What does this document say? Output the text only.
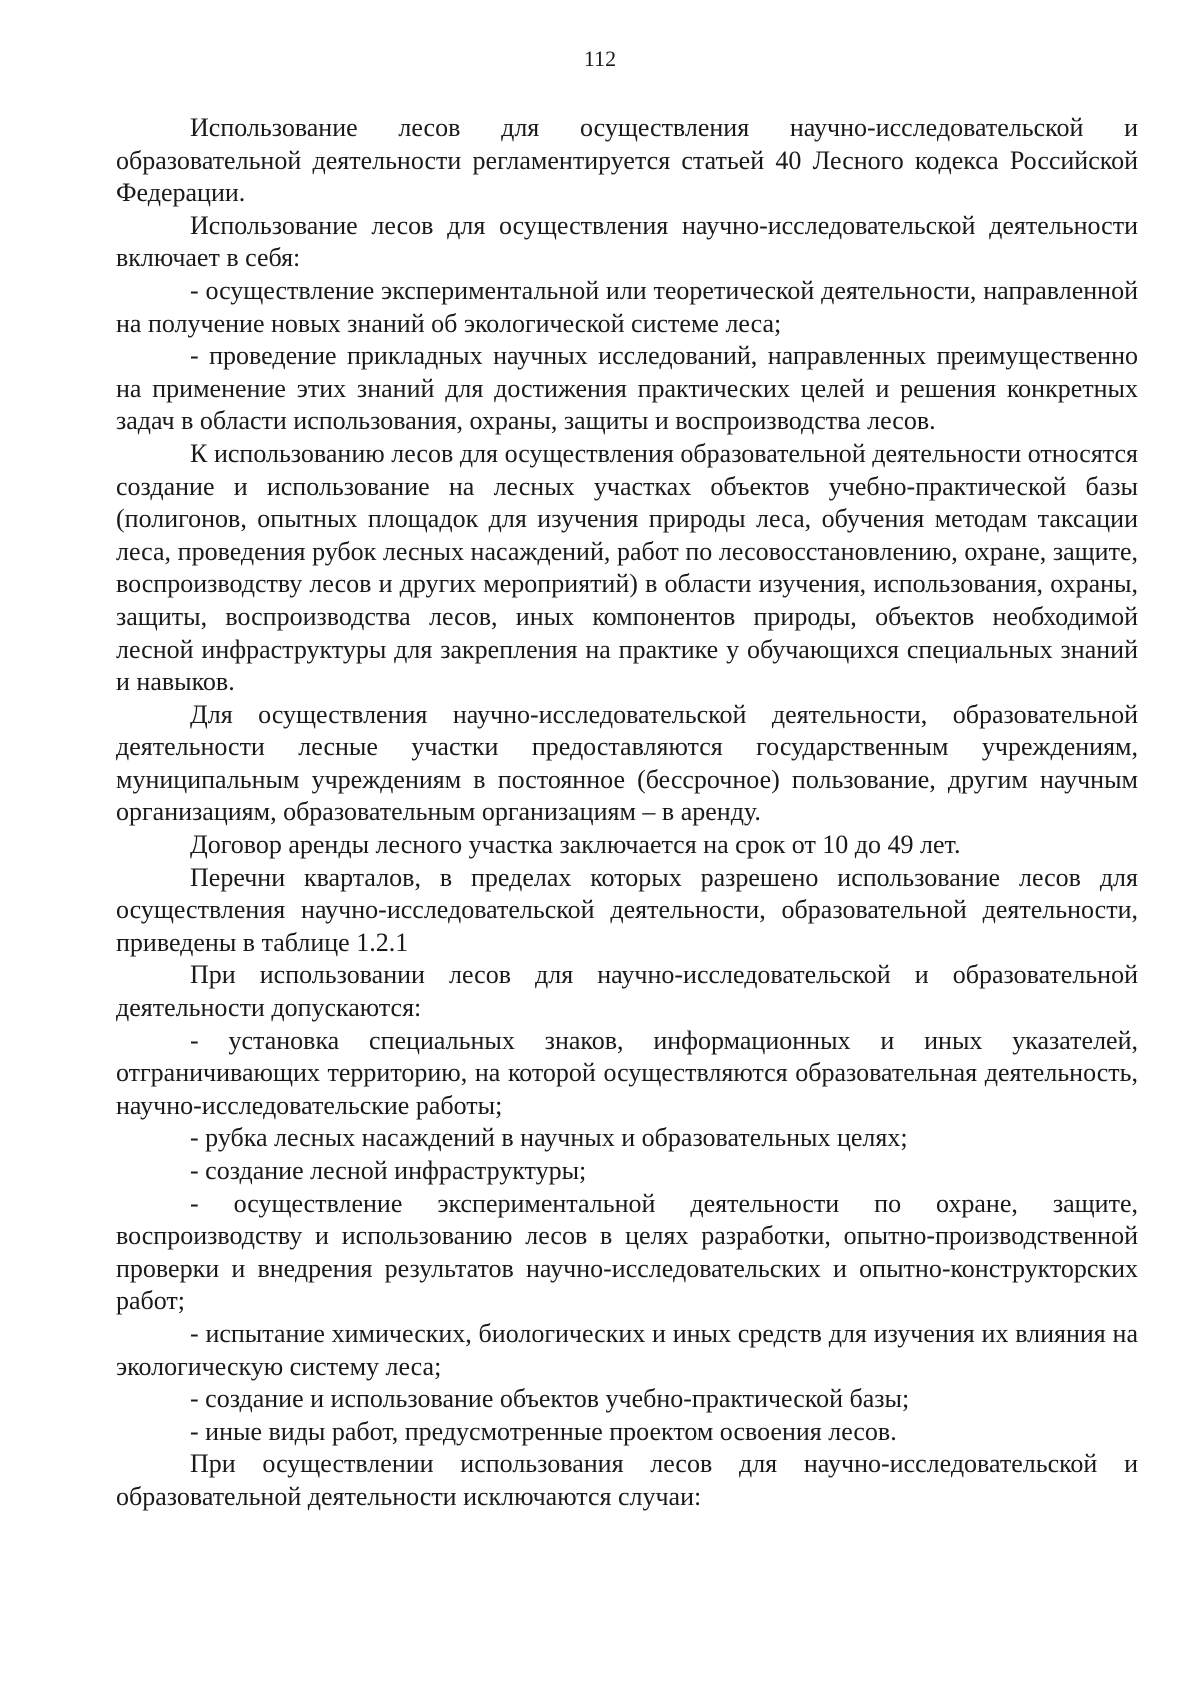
112

Использование лесов для осуществления научно-исследовательской и образовательной деятельности регламентируется статьей 40 Лесного кодекса Российской Федерации.

Использование лесов для осуществления научно-исследовательской деятельности включает в себя:

- осуществление экспериментальной или теоретической деятельности, направленной на получение новых знаний об экологической системе леса;

- проведение прикладных научных исследований, направленных преимущественно на применение этих знаний для достижения практических целей и решения конкретных задач в области использования, охраны, защиты и воспроизводства лесов.

К использованию лесов для осуществления образовательной деятельности относятся создание и использование на лесных участках объектов учебно-практической базы (полигонов, опытных площадок для изучения природы леса, обучения методам таксации леса, проведения рубок лесных насаждений, работ по лесовосстановлению, охране, защите, воспроизводству лесов и других мероприятий) в области изучения, использования, охраны, защиты, воспроизводства лесов, иных компонентов природы, объектов необходимой лесной инфраструктуры для закрепления на практике у обучающихся специальных знаний и навыков.

Для осуществления научно-исследовательской деятельности, образовательной деятельности лесные участки предоставляются государственным учреждениям, муниципальным учреждениям в постоянное (бессрочное) пользование, другим научным организациям, образовательным организациям – в аренду.

Договор аренды лесного участка заключается на срок от 10 до 49 лет.

Перечни кварталов, в пределах которых разрешено использование лесов для осуществления научно-исследовательской деятельности, образовательной деятельности, приведены в таблице 1.2.1

При использовании лесов для научно-исследовательской и образовательной деятельности допускаются:

- установка специальных знаков, информационных и иных указателей, отграничивающих территорию, на которой осуществляются образовательная деятельность, научно-исследовательские работы;

- рубка лесных насаждений в научных и образовательных целях;

- создание лесной инфраструктуры;

- осуществление экспериментальной деятельности по охране, защите, воспроизводству и использованию лесов в целях разработки, опытно-производственной проверки и внедрения результатов научно-исследовательских и опытно-конструкторских работ;

- испытание химических, биологических и иных средств для изучения их влияния на экологическую систему леса;

- создание и использование объектов учебно-практической базы;

- иные виды работ, предусмотренные проектом освоения лесов.

При осуществлении использования лесов для научно-исследовательской и образовательной деятельности исключаются случаи:
